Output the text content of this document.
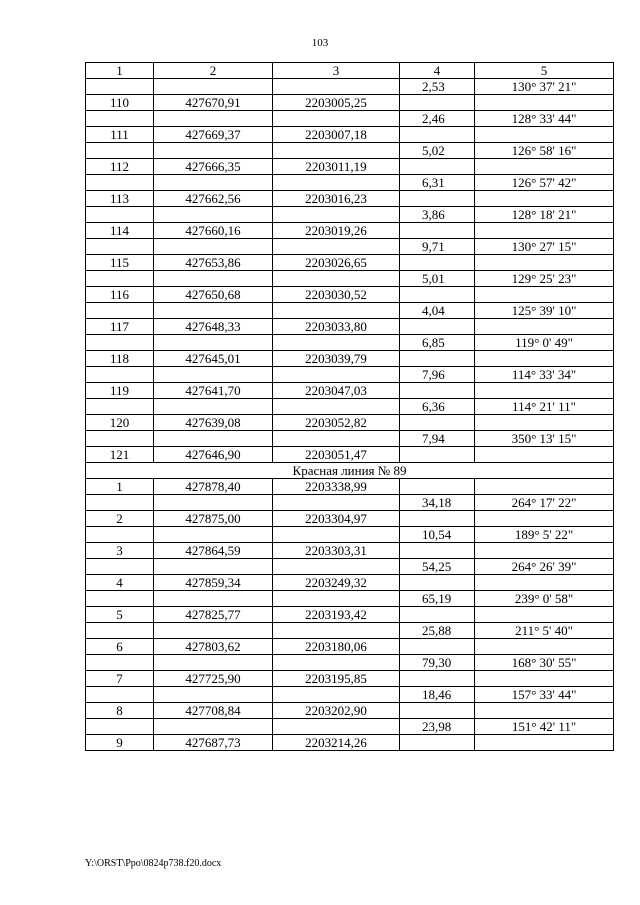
103
1	2	3	4	5
			2,53	130° 37' 21"
110	427670,91	2203005,25		
			2,46	128° 33' 44"
111	427669,37	2203007,18		
			5,02	126° 58' 16"
112	427666,35	2203011,19		
			6,31	126° 57' 42"
113	427662,56	2203016,23		
			3,86	128° 18' 21"
114	427660,16	2203019,26		
			9,71	130° 27' 15"
115	427653,86	2203026,65		
			5,01	129° 25' 23"
116	427650,68	2203030,52		
			4,04	125° 39' 10"
117	427648,33	2203033,80		
			6,85	119° 0' 49"
118	427645,01	2203039,79		
			7,96	114° 33' 34"
119	427641,70	2203047,03		
			6,36	114° 21' 11"
120	427639,08	2203052,82		
			7,94	350° 13' 15"
121	427646,90	2203051,47		
Красная линия № 89				
1	427878,40	2203338,99		
			34,18	264° 17' 22"
2	427875,00	2203304,97		
			10,54	189° 5' 22"
3	427864,59	2203303,31		
			54,25	264° 26' 39"
4	427859,34	2203249,32		
			65,19	239° 0' 58"
5	427825,77	2203193,42		
			25,88	211° 5' 40"
6	427803,62	2203180,06		
			79,30	168° 30' 55"
7	427725,90	2203195,85		
			18,46	157° 33' 44"
8	427708,84	2203202,90		
			23,98	151° 42' 11"
9	427687,73	2203214,26		
Y:\ORST\Ppo\0824p738.f20.docx
